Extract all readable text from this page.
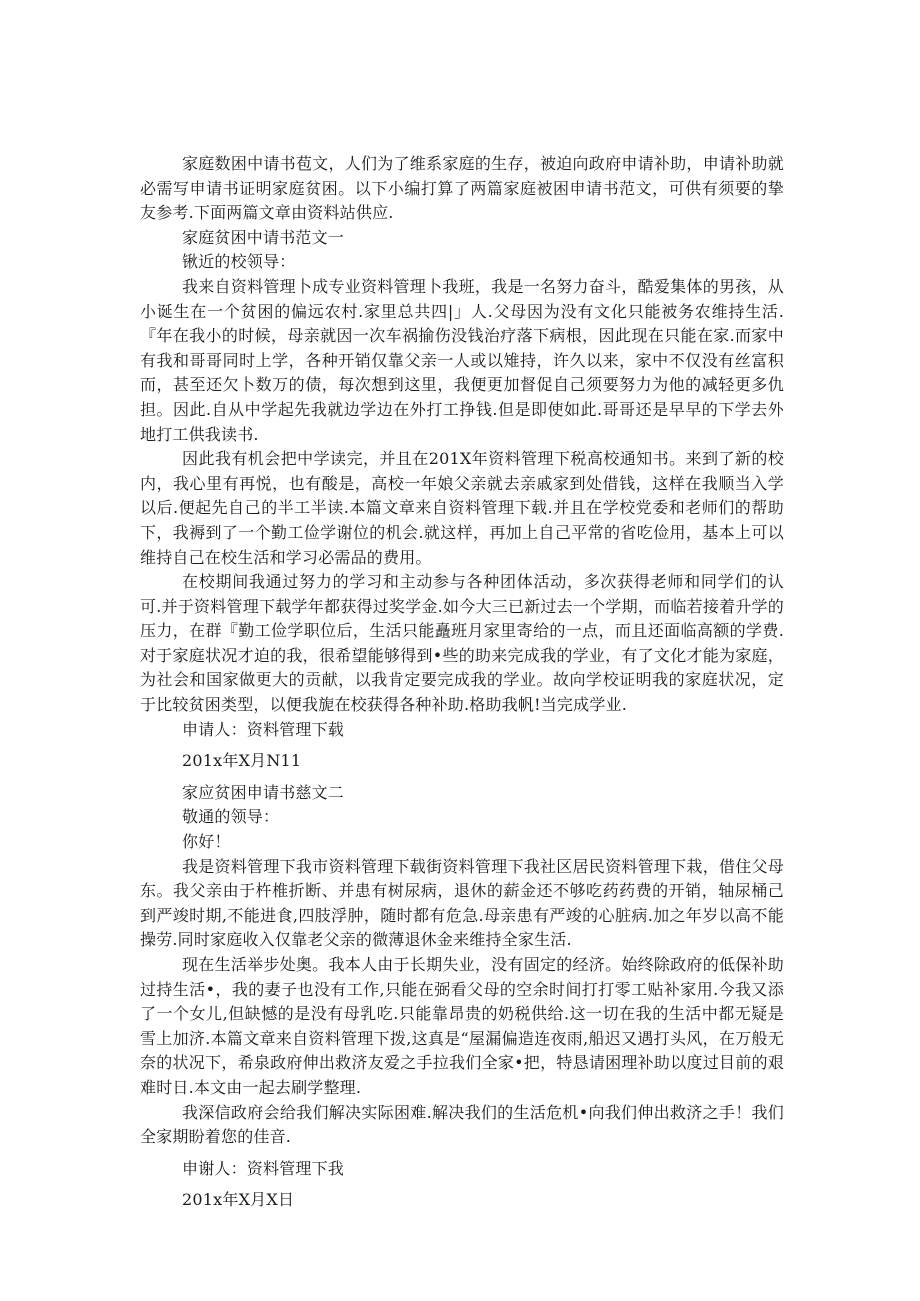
家庭数困中请书苞文，人们为了维系家庭的生存，被迫向政府申请补助，申请补助就必需写申请书证明家庭贫困。以下小编打算了两篇家庭被困申请书范文，可供有须要的挚友参考.下面两篇文章由资料站供应.

家庭贫困中请书范文一

锹近的校领导：

我来自资料管理卜成专业资料管理卜我班，我是一名努力奋斗，酷爱集体的男孩，从小诞生在一个贫困的偏远农村.家里总共四|」人.父母因为没有文化只能被务农维持生活.『年在我小的时候，母亲就因一次车祸揄伤没钱治疗落下病根，因此现在只能在家.而家中有我和哥哥同时上学，各种开销仅靠父亲一人或以雉持，许久以来，家中不仅没有丝富积而，甚至还欠卜数万的债，每次想到这里，我便更加督促自己须要努力为他的减轻更多仇担。因此.自从中学起先我就边学边在外打工挣钱.但是即使如此.哥哥还是早早的下学去外地打工供我读书.

因此我有机会把中学读完，并且在201X年资料管理下税高校通知书。来到了新的校内，我心里有再悦，也有酸是，高校一年娘父亲就去亲戚家到处借钱，这样在我顺当入学以后.便起先自己的半工半读.本篇文章来自资料管理下载.并且在学校党委和老师们的帮助下，我褥到了一个勤工俭学谢位的机会.就这样，再加上自己平常的省吃俭用，基本上可以维持自己在校生活和学习必需品的费用。

在校期间我通过努力的学习和主动参与各种团体活动，多次获得老师和同学们的认可.并于资料管理下载学年都获得过奖学金.如今大三已新过去一个学期，而临若接着升学的压力，在群『勤工俭学职位后，生活只能矗班月家里寄给的一点，而且还面临高额的学费.对于家庭状况才迫的我，很希望能够得到•些的助来完成我的学业，有了文化才能为家庭，为社会和国家做更大的贡献，以我肯定要完成我的学业。故向学校证明我的家庭状况，定于比较贫困类型，以便我旎在校获得各种补助.格助我帆!当完成学业.

申请人：资料管理下载

201x年X月N11

家应贫困申请书慈文二

敬通的领导：

你好！

我是资料管理下我市资料管理下载街资料管理下我社区居民资料管理下栽，借住父母东。我父亲由于杵椎折断、并患有树尿病，退休的薪金还不够吃药药费的开销，轴尿桶己到严竣时期,不能进食,四肢浮肿，随时都有危急.母亲患有严竣的心脏病.加之年岁以高不能操劳.同时家庭收入仅靠老父亲的微薄退休金来维持全家生活.

现在生活举步处奥。我本人由于长期失业，没有固定的经济。始终除政府的低保补助过持生活•，我的妻子也没有工作,只能在弼看父母的空余时间打打零工贴补家用.今我又添了一个女儿,但缺憾的是没有母乳吃.只能靠昂贵的奶税供给.这一切在我的生活中都无疑是雪上加济.本篇文章来自资料管理下拨,这真是“屋漏偏造连夜雨,船迟又遇打头风，在万般无奈的状况下，希泉政府伸出救济友爱之手拉我们全家•把，特恳请困理补助以度过目前的艰难时日.本文由一起去刷学整理.

我深信政府会给我们解决实际困难.解决我们的生活危机•向我们伸出救济之手！我们全家期盼着您的佳音.

申谢人：资料管理下我

201x年X月X日
